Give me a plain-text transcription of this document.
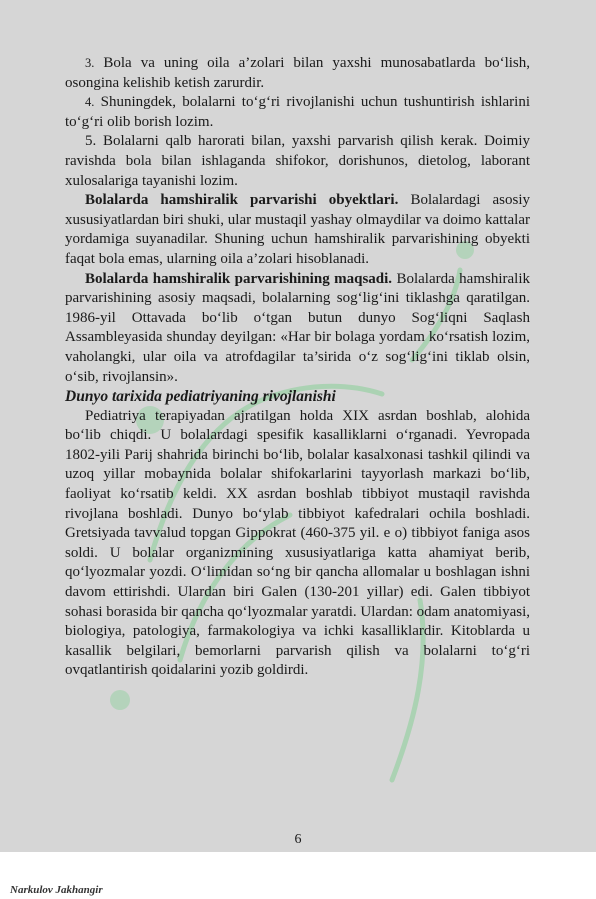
3. Bola va uning oila a’zolari bilan yaxshi munosabatlarda bo‘lish, osongina kelishib ketish zarurdir.

4. Shuningdek, bolalarni to‘g‘ri rivojlanishi uchun tushuntirish ishlarini to‘g‘ri olib borish lozim.

5. Bolalarni qalb harorati bilan, yaxshi parvarish qilish kerak. Doimiy ravishda bola bilan ishlaganda shifokor, dorishunos, dietolog, laborant xulosalariga tayanishi lozim.

Bolalarda hamshiralik parvarishi obyektlari. Bolalardagi asosiy xususiyatlardan biri shuki, ular mustaqil yashay olmaydilar va doimo kattalar yordamiga suyanadilar. Shuning uchun hamshiralik parvarishining obyekti faqat bola emas, ularning oila a’zolari hisoblanadi.

Bolalarda hamshiralik parvarishining maqsadi. Bolalarda hamshiralik parvarishining asosiy maqsadi, bolalarning sog‘lig‘ini tiklashga qaratilgan. 1986-yil Ottavada bo‘lib o‘tgan butun dunyo Sog‘liqni Saqlash Assambleyasida shunday deyilgan: «Har bir bolaga yordam ko‘rsatish lozim, vaholangki, ular oila va atrofdagilar ta’sirida o‘z sog‘lig‘ini tiklab olsin, o‘sib, rivojlansin».

Dunyo tarixida pediatriyaning rivojlanishi

Pediatriya terapiyadan ajratilgan holda XIX asrdan boshlab, alohida bo‘lib chiqdi. U bolalardagi spesifik kasalliklarni o‘rganadi. Yevropada 1802-yili Parij shahrida birinchi bo‘lib, bolalar kasalxonasi tashkil qilindi va uzoq yillar mobaynida bolalar shifokarlarini tayyorlash markazi bo‘lib, faoliyat ko‘rsatib keldi. XX asrdan boshlab tibbiyot mustaqil ravishda rivojlana boshladi. Dunyo bo‘ylab tibbiyot kafedralari ochila boshladi. Gretsiyada tavvalud topgan Gippokrat (460-375 yil. e o) tibbiyot faniga asos soldi. U bolalar organizmining xususiyatlariga katta ahamiyat berib, qo‘lyozmalar yozdi. O‘limidan so‘ng bir qancha allomalar u boshlagan ishni davom ettirishdi. Ulardan biri Galen (130-201 yillar) edi. Galen tibbiyot sohasi borasida bir qancha qo‘lyozmalar yaratdi. Ulardan: odam anatomiyasi, biologiya, patologiya, farmakologiya va ichki kasalliklardir. Kitoblarda u kasallik belgilari, bemorlarni parvarish qilish va bolalarni to‘g‘ri ovqatlantirish qoidalarini yozib goldirdi.

6
Narkulov Jakhangir
